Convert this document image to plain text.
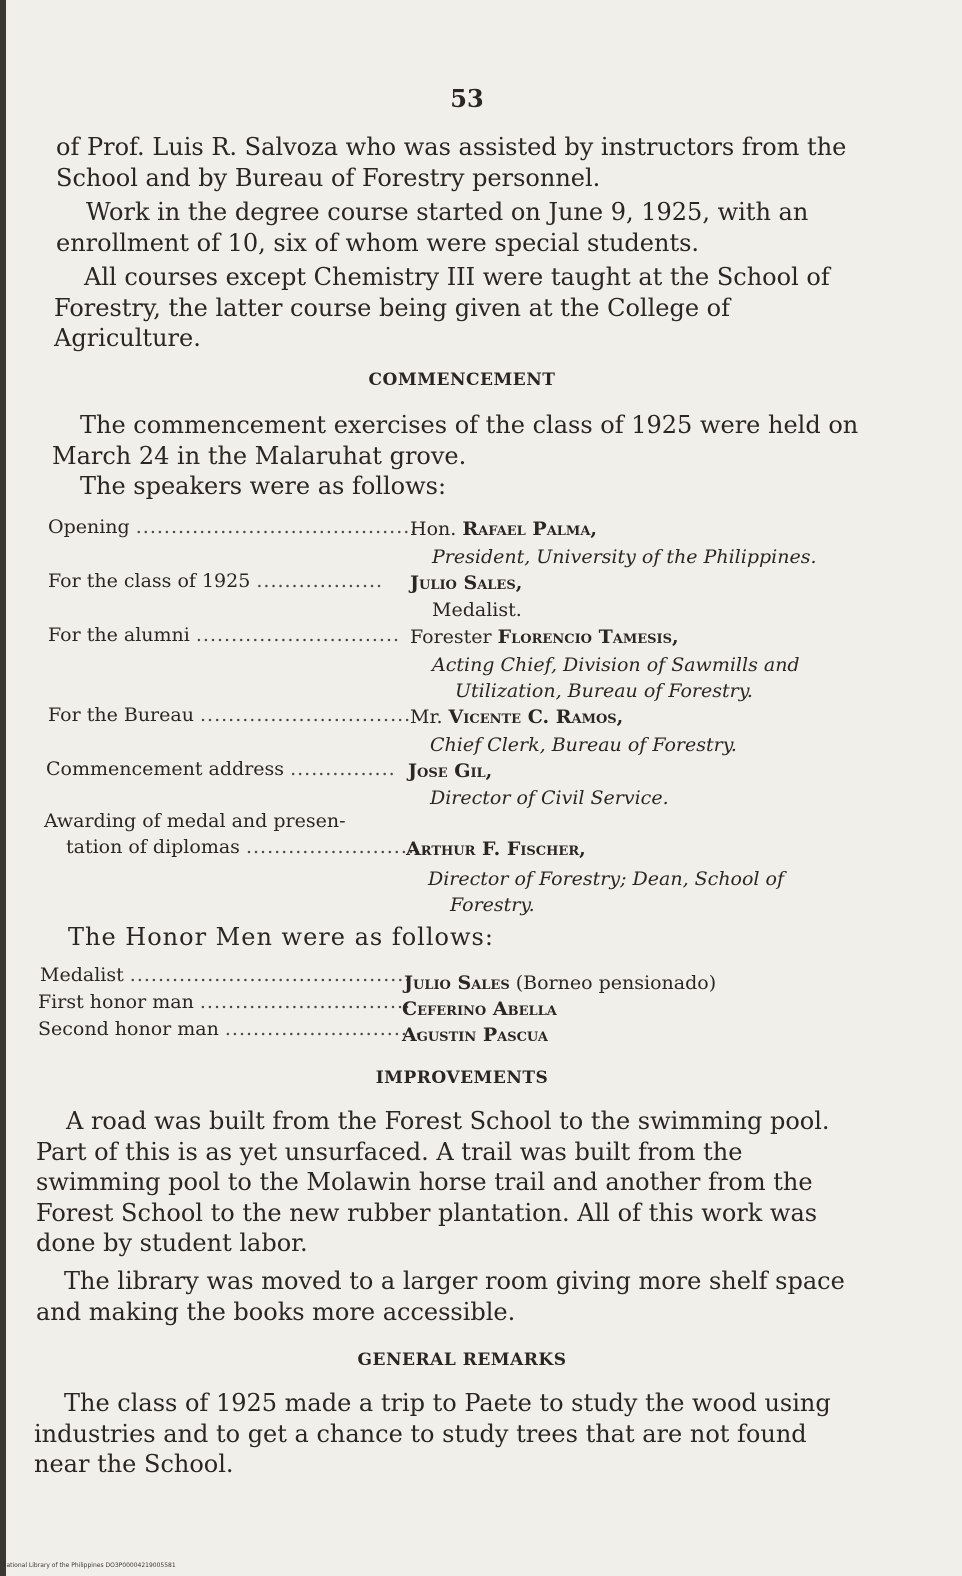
53

of Prof. Luis R. Salvoza who was assisted by instructors from the School and by Bureau of Forestry personnel.

Work in the degree course started on June 9, 1925, with an enrollment of 10, six of whom were special students.

All courses except Chemistry III were taught at the School of Forestry, the latter course being given at the College of Agriculture.

COMMENCEMENT

The commencement exercises of the class of 1925 were held on March 24 in the Malaruhat grove.

The speakers were as follows:

Opening ........................................
Hon. Rafael Palma,
President, University of the Philippines.
For the class of 1925 ..................	Julio Sales,
Medalist.
For the alumni ............................. Forester Florencio Tamesis,
Acting Chief, Division of Sawmills and
Utilization, Bureau of Forestry.
For the Bureau ..............................
Mr. Vicente C. Ramos,
Chief Clerk, Bureau of Forestry.
Commencement address ............... Jose Gil,
Director of Civil Service.
Awarding of medal and presen-
tation of diplomas ..........................
Arthur F. Fischer,
Director of Forestry; Dean, School of
Forestry.

The Honor Men were as follows:

Medalist ........................................
Julio Sales (Borneo pensionado)
First honor man ..............................
Ceferino Abella
Second honor man ............................
Agustin Pascua
IMPROVEMENTS

A road was built from the Forest School to the swimming pool. Part of this is as yet unsurfaced. A trail was built from the swimming pool to the Molawin horse trail and another from the Forest School to the new rubber plantation. All of this work was done by student labor.

The library was moved to a larger room giving more shelf space and making the books more accessible.

GENERAL REMARKS

The class of 1925 made a trip to Paete to study the wood using industries and to get a chance to study trees that are not found near the School.

National Library of the Philippines DO3P00004219005581
